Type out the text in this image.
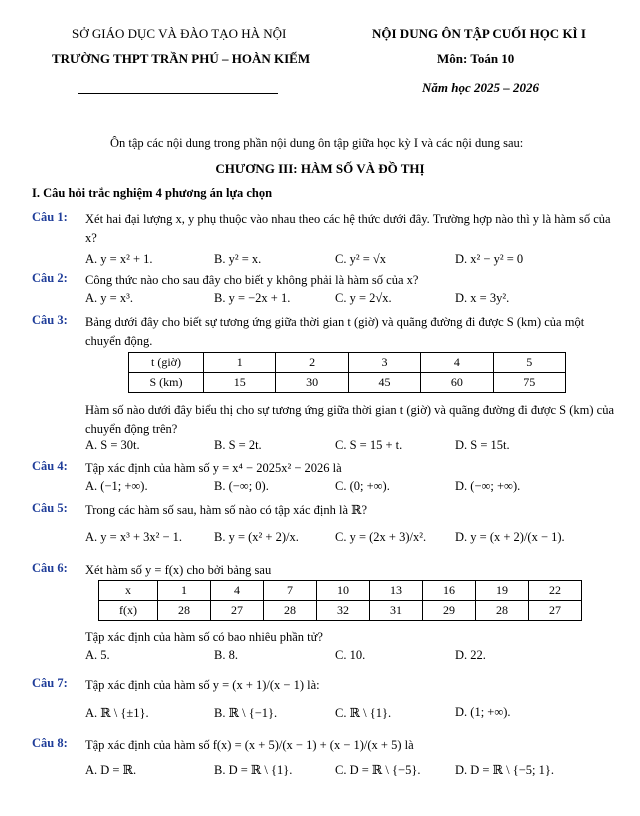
SỞ GIÁO DỤC VÀ ĐÀO TẠO HÀ NỘI
TRƯỜNG THPT TRẦN PHÚ – HOÀN KIẾM
NỘI DUNG ÔN TẬP CUỐI HỌC KÌ I
Môn: Toán 10
Năm học 2025 – 2026
Ôn tập các nội dung trong phần nội dung ôn tập giữa học kỳ I và các nội dung sau:
CHƯƠNG III: HÀM SỐ VÀ ĐỒ THỊ
I. Câu hỏi trắc nghiệm 4 phương án lựa chọn
Câu 1: Xét hai đại lượng x, y phụ thuộc vào nhau theo các hệ thức dưới đây. Trường hợp nào thì y là hàm số của x?
A. y = x² + 1.	B. y² = x.	C. y² = √x	D. x² − y² = 0
Câu 2: Công thức nào cho sau đây cho biết y không phải là hàm số của x?
A. y = x³.	B. y = −2x + 1.	C. y = 2√x.	D. x = 3y².
Câu 3: Bảng dưới đây cho biết sự tương ứng giữa thời gian t (giờ) và quãng đường đi được S (km) của một chuyển động.
t (giờ)	1	2	3	4	5
S (km)	15	30	45	60	75
Hàm số nào dưới đây biểu thị cho sự tương ứng giữa thời gian t (giờ) và quãng đường đi được S (km) của chuyển động trên?
A. S = 30t.	B. S = 2t.	C. S = 15 + t.	D. S = 15t.
Câu 4: Tập xác định của hàm số y = x⁴ − 2025x² − 2026 là
A. (−1; +∞).	B. (−∞; 0).	C. (0; +∞).	D. (−∞; +∞).
Câu 5: Trong các hàm số sau, hàm số nào có tập xác định là ℝ?
A. y = x³ + 3x² − 1.	B. y = (x² + 2)/x.	C. y = (2x + 3)/x². D. y = (x + 2)/(x − 1).
Câu 6: Xét hàm số y = f(x) cho bởi bảng sau
x	1	4	7	10	13	16	19	22
f(x)	28	27	28	32	31	29	28	27
Tập xác định của hàm số có bao nhiêu phần tử?
A. 5.	B. 8.	C. 10.	D. 22.
Câu 7: Tập xác định của hàm số y = (x + 1)/(x − 1) là:
A. ℝ \ {±1}.	B. ℝ \ {−1}.	C. ℝ \ {1}.	D. (1; +∞).
Câu 8: Tập xác định của hàm số f(x) = (x + 5)/(x − 1) + (x − 1)/(x + 5) là
A. D = ℝ.	B. D = ℝ \ {1}.	C. D = ℝ \ {−5}.	D. D = ℝ \ {−5; 1}.
